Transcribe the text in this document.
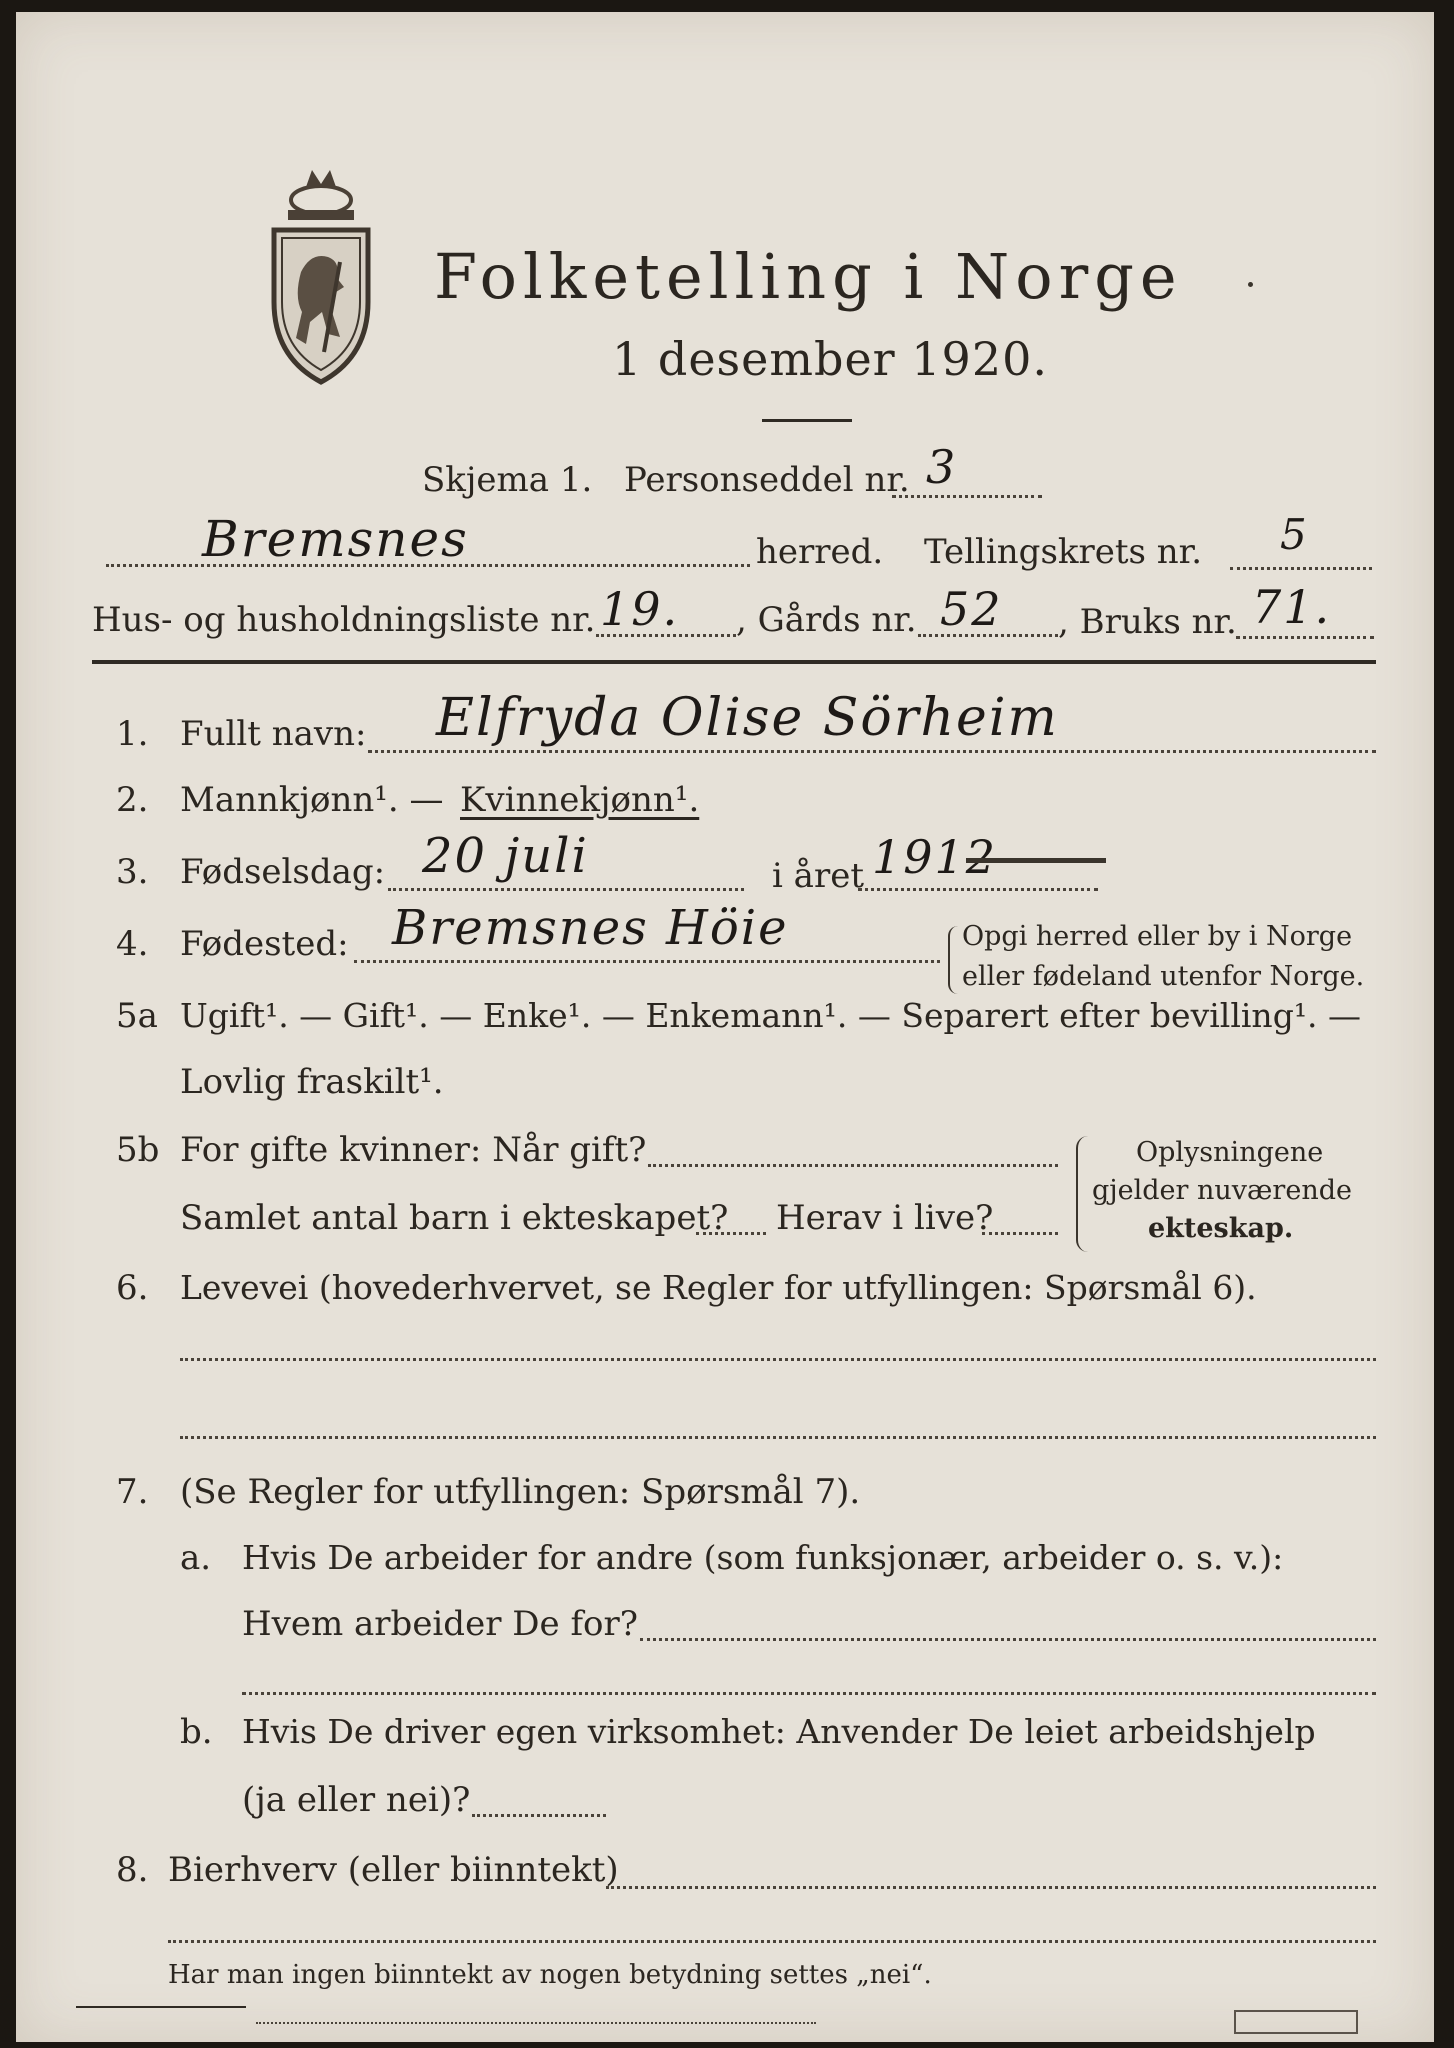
Folketelling i Norge
1 desember 1920.
Skjema 1. Personseddel nr. 3
Bremsnes	herred. Tellingskrets nr. 5
Hus- og husholdningsliste nr. 19. , Gårds nr. 52 , Bruks nr. 71.
1. Fullt navn: Elfryda Olise Sörheim
2. Mannkjønn¹. — Kvinnekjønn¹.
3. Fødselsdag: 20 juli	i året 1912
4. Fødested: Bremsnes Höie	Opgi herred eller by i Norge
eller fødeland utenfor Norge.
5a Ugift¹. — Gift¹. — Enke¹. — Enkemann¹. — Separert efter bevilling¹. —
Lovlig fraskilt¹.
5b For gifte kvinner: Når gift?
Samlet antal barn i ekteskapet? Herav i live?
Oplysningene
gjelder nuværende
ekteskap.
6. Levevei (hovederhvervet, se Regler for utfyllingen: Spørsmål 6).
7. (Se Regler for utfyllingen: Spørsmål 7).
a. Hvis De arbeider for andre (som funksjonær, arbeider o. s. v.):
Hvem arbeider De for?
b. Hvis De driver egen virksomhet: Anvender De leiet arbeidshjelp
(ja eller nei)?
8. Bierhverv (eller biinntekt)
Har man ingen biinntekt av nogen betydning settes „nei“.
